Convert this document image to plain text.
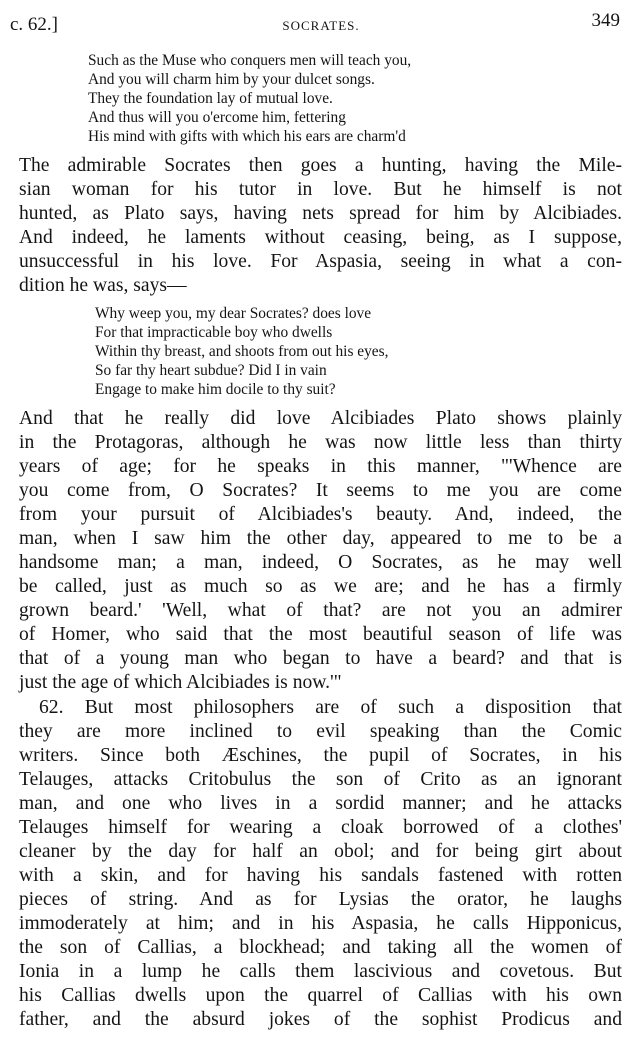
c. 62.]	SOCRATES.	349
Such as the Muse who conquers men will teach you,
And you will charm him by your dulcet songs.
They the foundation lay of mutual love.
And thus will you o'ercome him, fettering
His mind with gifts with which his ears are charm'd
The admirable Socrates then goes a hunting, having the Mile-
sian woman for his tutor in love. But he himself is not
hunted, as Plato says, having nets spread for him by Alcibiades.
And indeed, he laments without ceasing, being, as I suppose,
unsuccessful in his love. For Aspasia, seeing in what a con-
dition he was, says—
Why weep you, my dear Socrates? does love
For that impracticable boy who dwells
Within thy breast, and shoots from out his eyes,
So far thy heart subdue? Did I in vain
Engage to make him docile to thy suit?
And that he really did love Alcibiades Plato shows plainly
in the Protagoras, although he was now little less than thirty
years of age; for he speaks in this manner, "'Whence are
you come from, O Socrates? It seems to me you are come
from your pursuit of Alcibiades's beauty. And, indeed, the
man, when I saw him the other day, appeared to me to be a
handsome man; a man, indeed, O Socrates, as he may well
be called, just as much so as we are; and he has a firmly
grown beard.' 'Well, what of that? are not you an admirer
of Homer, who said that the most beautiful season of life was
that of a young man who began to have a beard? and that is
just the age of which Alcibiades is now.'"
62. But most philosophers are of such a disposition that
they are more inclined to evil speaking than the Comic
writers. Since both Æschines, the pupil of Socrates, in his
Telauges, attacks Critobulus the son of Crito as an ignorant
man, and one who lives in a sordid manner; and he attacks
Telauges himself for wearing a cloak borrowed of a clothes'
cleaner by the day for half an obol; and for being girt about
with a skin, and for having his sandals fastened with rotten
pieces of string. And as for Lysias the orator, he laughs
immoderately at him; and in his Aspasia, he calls Hipponicus,
the son of Callias, a blockhead; and taking all the women of
Ionia in a lump he calls them lascivious and covetous. But
his Callias dwells upon the quarrel of Callias with his own
father, and the absurd jokes of the sophist Prodicus and
